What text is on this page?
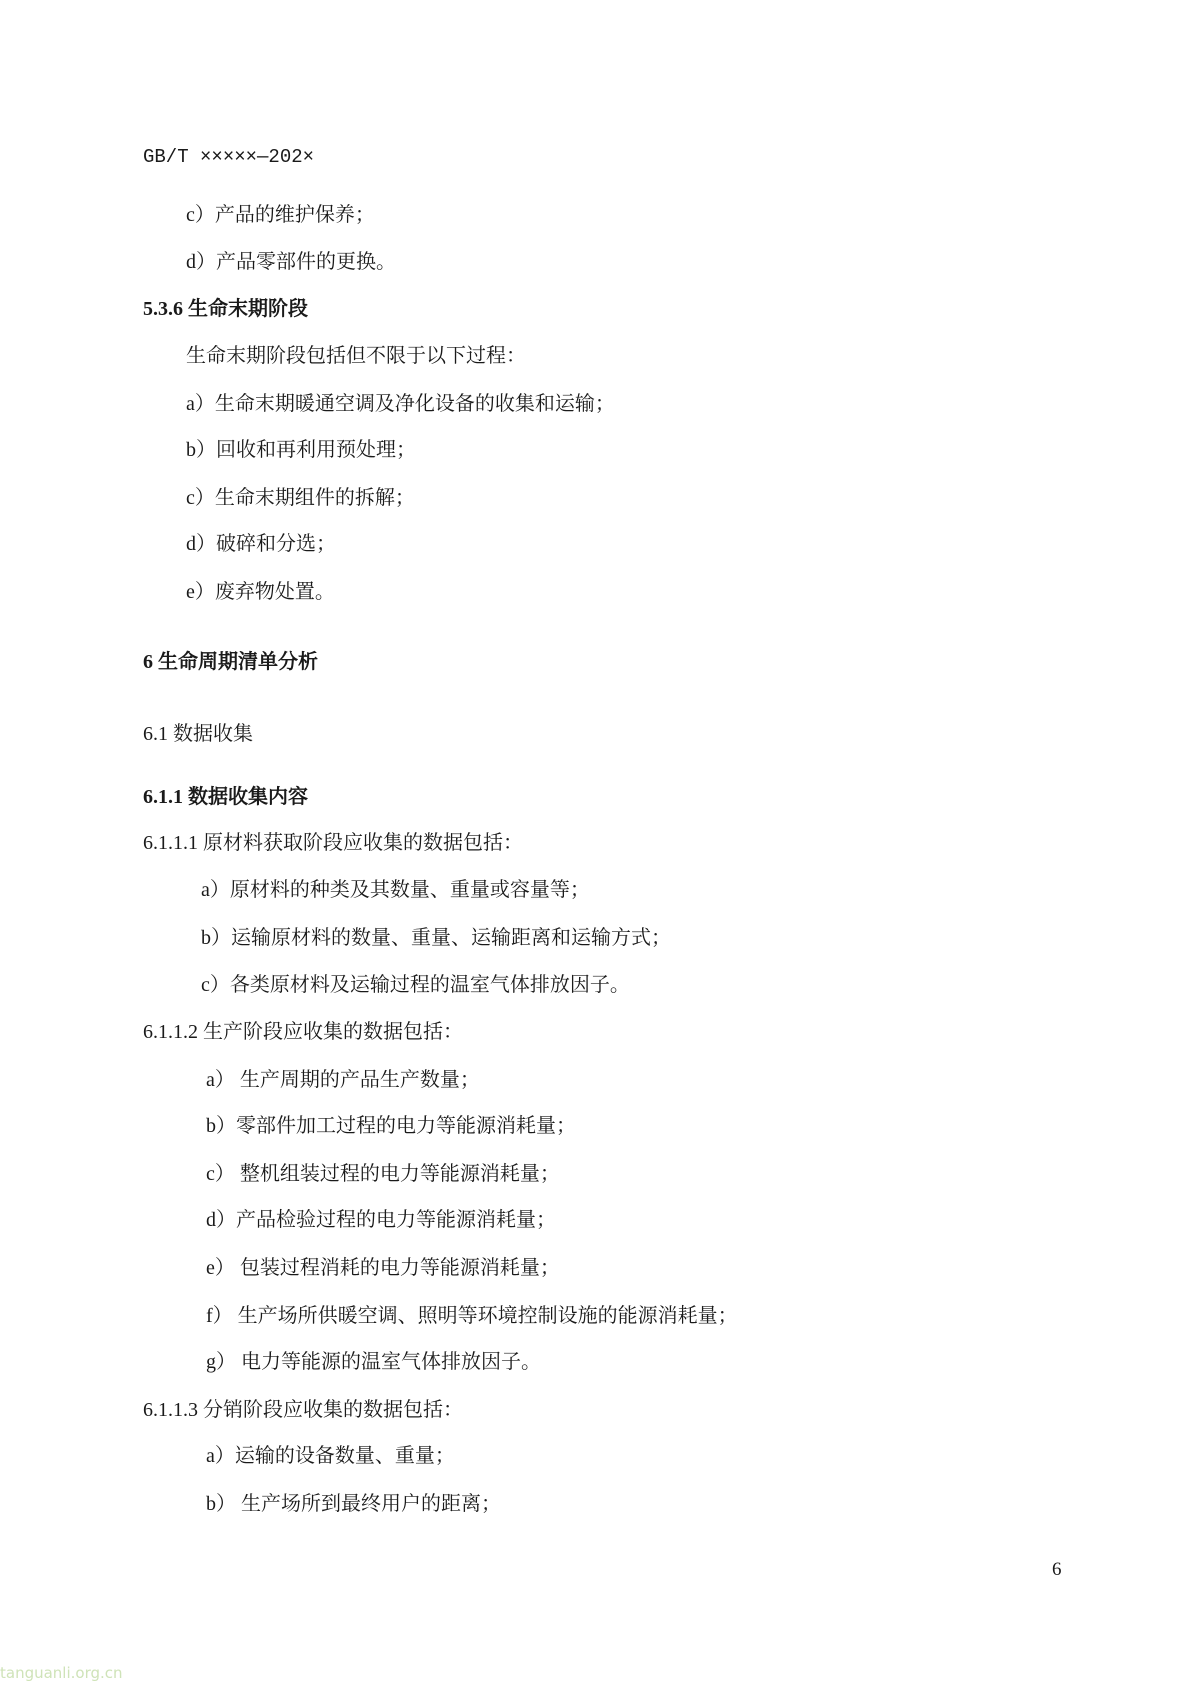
GB/T ×××××—202×
c）产品的维护保养；
d）产品零部件的更换。
5.3.6 生命末期阶段
生命末期阶段包括但不限于以下过程：
a）生命末期暖通空调及净化设备的收集和运输；
b）回收和再利用预处理；
c）生命末期组件的拆解；
d）破碎和分选；
e）废弃物处置。
6 生命周期清单分析
6.1 数据收集
6.1.1 数据收集内容
6.1.1.1 原材料获取阶段应收集的数据包括：
a）原材料的种类及其数量、重量或容量等；
b）运输原材料的数量、重量、运输距离和运输方式；
c）各类原材料及运输过程的温室气体排放因子。
6.1.1.2 生产阶段应收集的数据包括：
a） 生产周期的产品生产数量；
b）零部件加工过程的电力等能源消耗量；
c） 整机组装过程的电力等能源消耗量；
d）产品检验过程的电力等能源消耗量；
e） 包装过程消耗的电力等能源消耗量；
f） 生产场所供暖空调、照明等环境控制设施的能源消耗量；
g） 电力等能源的温室气体排放因子。
6.1.1.3 分销阶段应收集的数据包括：
a）运输的设备数量、重量；
b） 生产场所到最终用户的距离；
6
tanguanli.org.cn
